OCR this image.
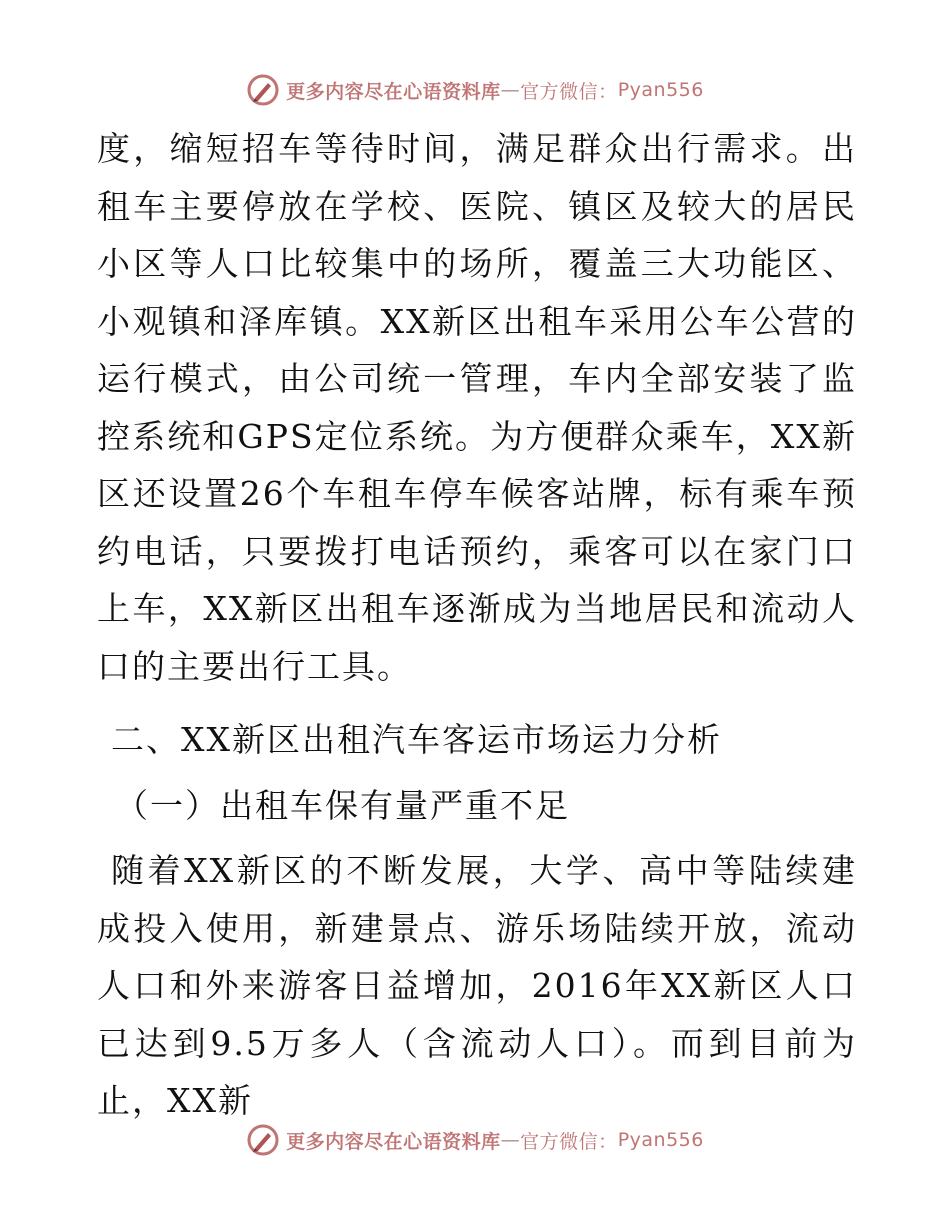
更多内容尽在心语资料库 — 官方微信： Pyan556

度，缩短招车等待时间，满足群众出行需求。出租车主要停放在学校、医院、镇区及较大的居民小区等人口比较集中的场所，覆盖三大功能区、小观镇和泽库镇。XX新区出租车采用公车公营的运行模式，由公司统一管理，车内全部安装了监控系统和GPS定位系统。为方便群众乘车，XX新区还设置26个车租车停车候客站牌，标有乘车预约电话，只要拨打电话预约，乘客可以在家门口上车，XX新区出租车逐渐成为当地居民和流动人口的主要出行工具。

二、XX新区出租汽车客运市场运力分析

（一）出租车保有量严重不足

随着XX新区的不断发展，大学、高中等陆续建成投入使用，新建景点、游乐场陆续开放，流动人口和外来游客日益增加，2016年XX新区人口已达到9.5万多人（含流动人口）。而到目前为止，XX新

更多内容尽在心语资料库 — 官方微信： Pyan556
